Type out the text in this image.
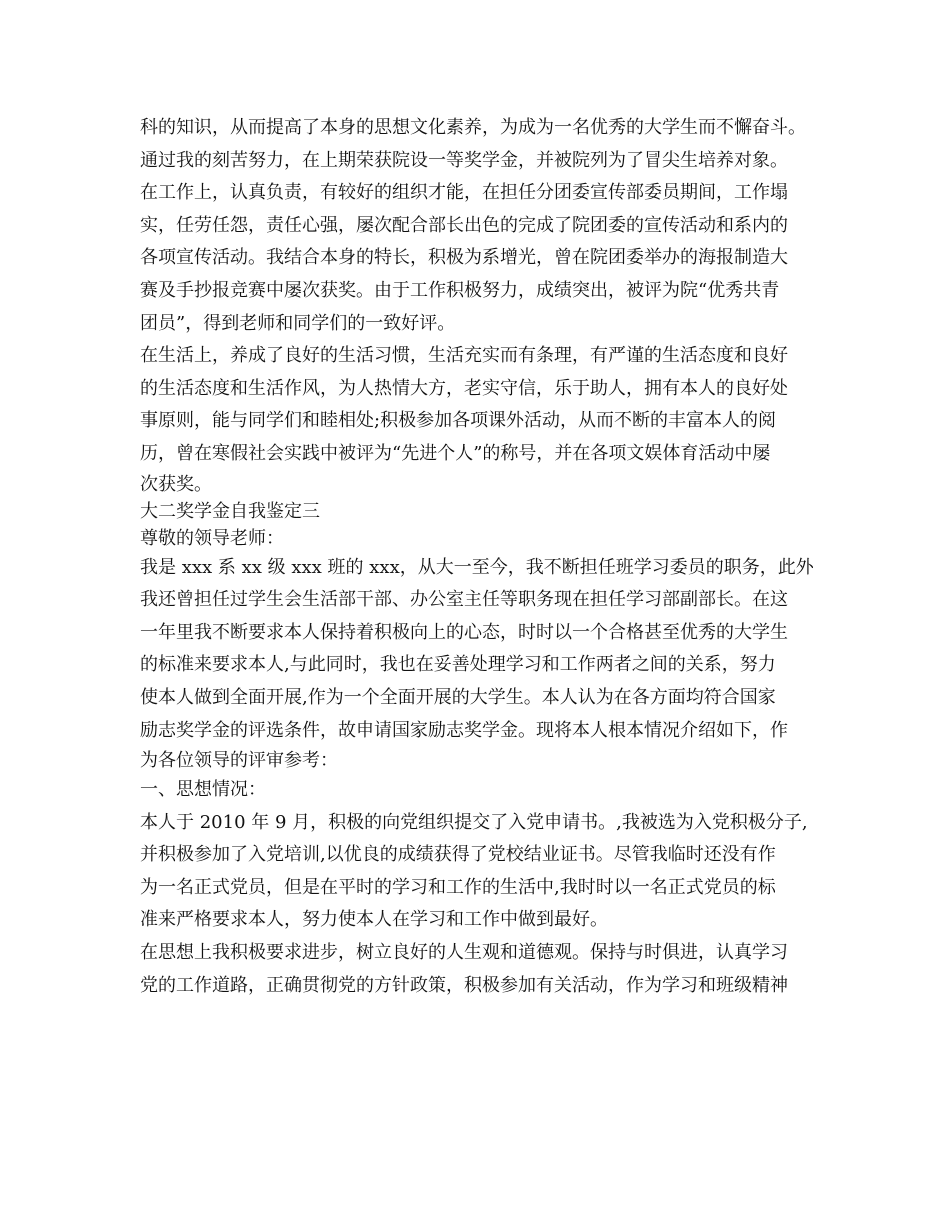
科的知识，从而提高了本身的思想文化素养，为成为一名优秀的大学生而不懈奋斗。
通过我的刻苦努力，在上期荣获院设一等奖学金，并被院列为了冒尖生培养对象。
在工作上，认真负责，有较好的组织才能，在担任分团委宣传部委员期间，工作塌
实，任劳任怨，责任心强，屡次配合部长出色的完成了院团委的宣传活动和系内的
各项宣传活动。我结合本身的特长，积极为系增光，曾在院团委举办的海报制造大
赛及手抄报竞赛中屡次获奖。由于工作积极努力，成绩突出，被评为院“优秀共青
团员”，得到老师和同学们的一致好评。
在生活上，养成了良好的生活习惯，生活充实而有条理，有严谨的生活态度和良好
的生活态度和生活作风，为人热情大方，老实守信，乐于助人，拥有本人的良好处
事原则，能与同学们和睦相处;积极参加各项课外活动，从而不断的丰富本人的阅
历，曾在寒假社会实践中被评为“先进个人”的称号，并在各项文娱体育活动中屡
次获奖。
大二奖学金自我鉴定三
尊敬的领导老师：
我是 xxx 系 xx 级 xxx 班的 xxx，从大一至今，我不断担任班学习委员的职务，此外
我还曾担任过学生会生活部干部、办公室主任等职务现在担任学习部副部长。在这
一年里我不断要求本人保持着积极向上的心态，时时以一个合格甚至优秀的大学生
的标准来要求本人,与此同时，我也在妥善处理学习和工作两者之间的关系，努力
使本人做到全面开展,作为一个全面开展的大学生。本人认为在各方面均符合国家
励志奖学金的评选条件，故申请国家励志奖学金。现将本人根本情况介绍如下，作
为各位领导的评审参考：
一、思想情况：
本人于 2010 年 9 月，积极的向党组织提交了入党申请书。,我被选为入党积极分子,
并积极参加了入党培训,以优良的成绩获得了党校结业证书。尽管我临时还没有作
为一名正式党员，但是在平时的学习和工作的生活中,我时时以一名正式党员的标
准来严格要求本人，努力使本人在学习和工作中做到最好。
在思想上我积极要求进步，树立良好的人生观和道德观。保持与时俱进，认真学习
党的工作道路，正确贯彻党的方针政策，积极参加有关活动，作为学习和班级精神
